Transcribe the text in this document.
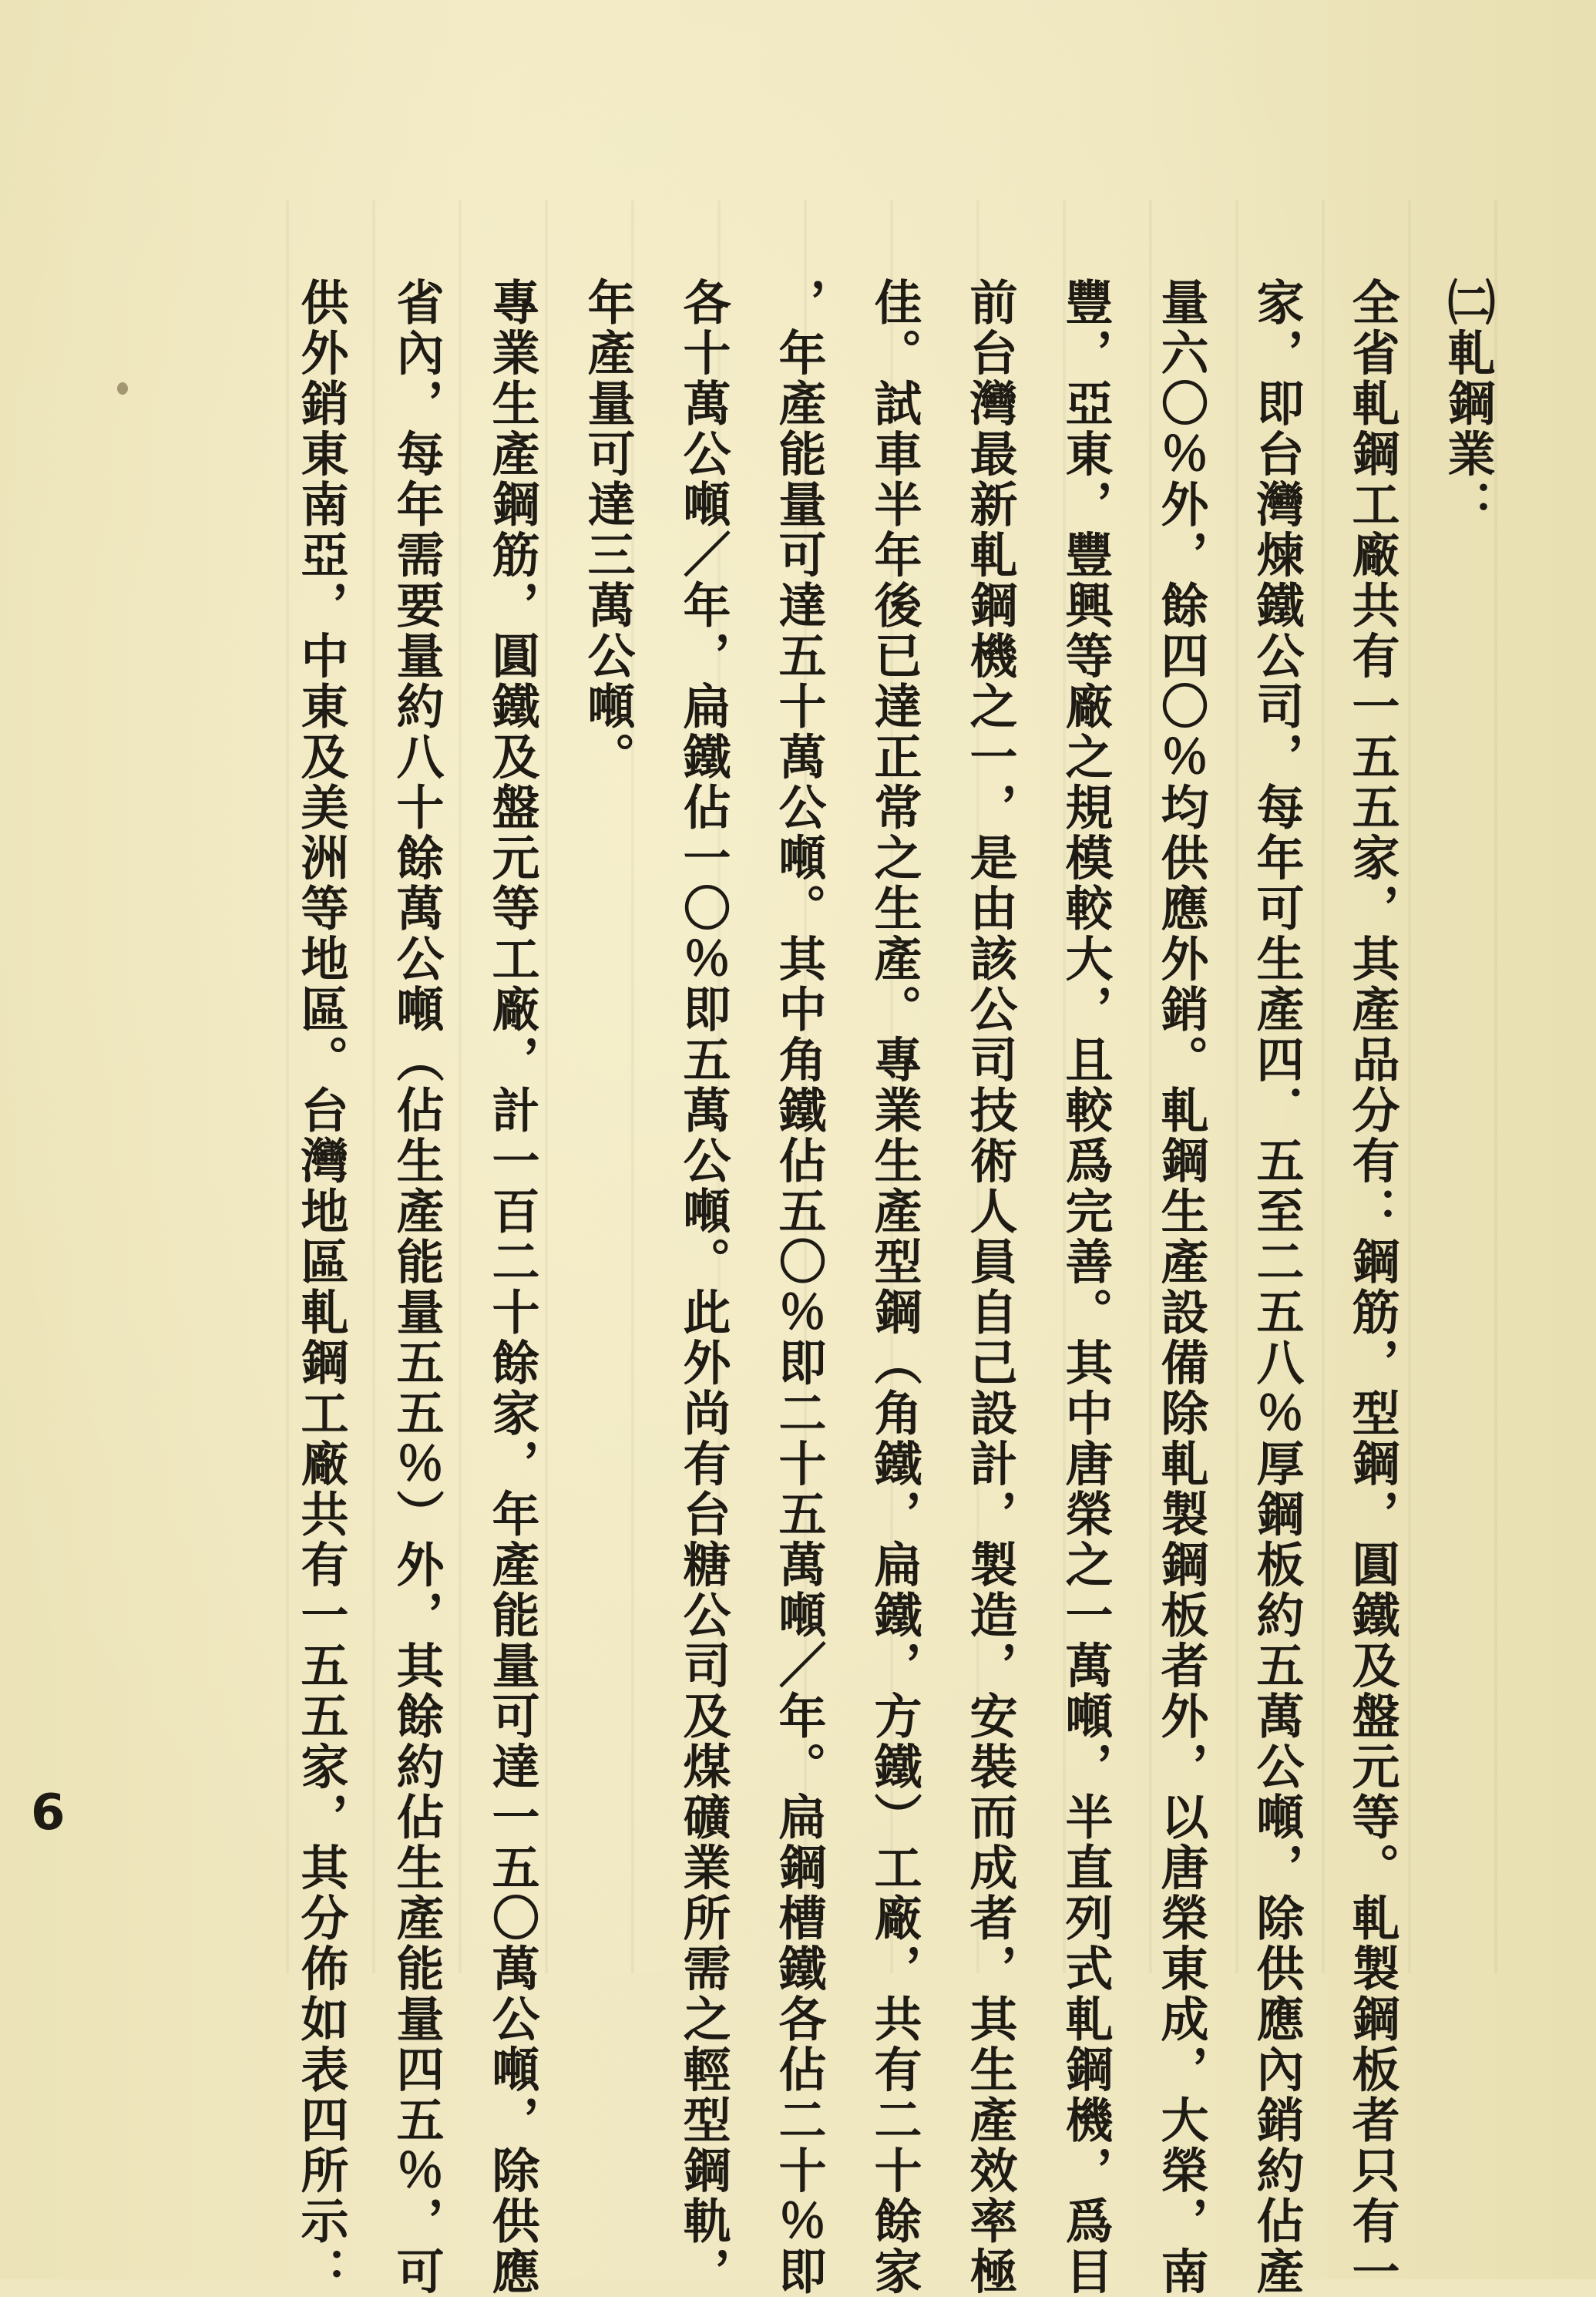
㈡軋鋼業：
全省軋鋼工廠共有一五五家，其產品分有：鋼筋，型鋼，圓鐵及盤元等。軋製鋼板者只有一
家，即台灣煉鐵公司，每年可生產四．五至二五八％厚鋼板約五萬公噸，除供應內銷約佔產
量六〇％外，餘四〇％均供應外銷。軋鋼生產設備除軋製鋼板者外，以唐榮東成，大榮，南
豐，亞東，豐興等廠之規模較大，且較爲完善。其中唐榮之一萬噸，半直列式軋鋼機，爲目
前台灣最新軋鋼機之一，是由該公司技術人員自己設計，製造，安裝而成者，其生產效率極
佳。試車半年後已達正常之生產。專業生產型鋼（角鐵，扁鐵，方鐵）工廠，共有二十餘家
，年產能量可達五十萬公噸。其中角鐵佔五〇％即二十五萬噸／年。扁鋼槽鐵各佔二十％即
各十萬公噸／年，扁鐵佔一〇％即五萬公噸。此外尚有台糖公司及煤礦業所需之輕型鋼軌，
年產量可達三萬公噸。
專業生產鋼筋，圓鐵及盤元等工廠，計一百二十餘家，年產能量可達一五〇萬公噸，除供應
省內，每年需要量約八十餘萬公噸（佔生產能量五五％）外，其餘約佔生產能量四五％，可
供外銷東南亞，中東及美洲等地區。台灣地區軋鋼工廠共有一五五家，其分佈如表四所示：
6
